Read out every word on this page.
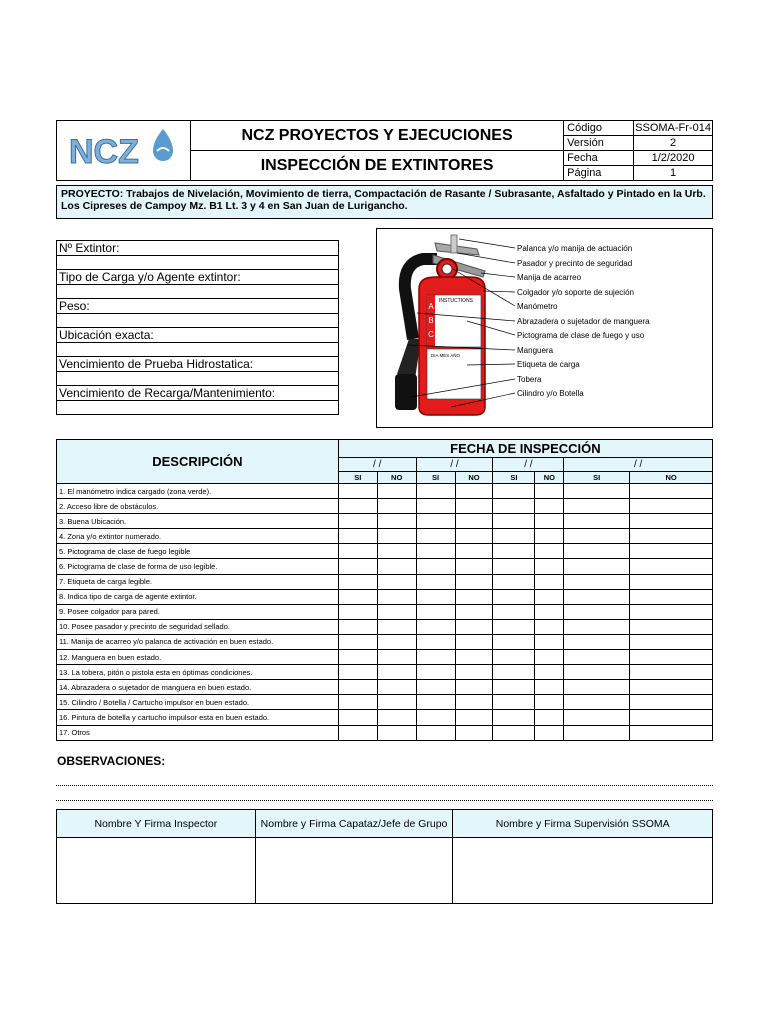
NCZ	NCZ PROYECTOS Y EJECUCIONES	Código	SSOMA-Fr-014
		Versión	2
	INSPECCIÓN DE EXTINTORES	Fecha	1/2/2020
		Página	1
PROYECTO: Trabajos de Nivelación, Movimiento de tierra, Compactación de Rasante / Subrasante, Asfaltado y Pintado en la Urb. Los Cipreses de Campoy Mz. B1 Lt. 3 y 4 en San Juan de Lurigancho.
Nº Extintor:

Tipo de Carga y/o Agente extintor:

Peso:

Ubicación exacta:

Vencimiento de Prueba Hidrostatica:

Vencimiento de Recarga/Mantenimiento:

A
B
C
INSTUCTIONS
DIA MES AÑO
Palanca y/o manija de actuación
Pasador y precinto de seguridad
Manija de acarreo
Colgador y/o soporte de sujeción
Manómetro
Abrazadera o sujetador de manguera
Pictograma de clase de fuego y uso
Manguera
Etiqueta de carga
Tobera
Cilindro y/o Botella
DESCRIPCIÓN	FECHA DE INSPECCIÓN							
	/ /		/ /		/ /		/ /	
	SI	NO	SI	NO	SI	NO	SI	NO
1. El manómetro indica cargado (zona verde).								
2. Acceso libre de obstáculos.								
3. Buena Ubicación.								
4. Zona y/o extintor numerado.								
5. Pictograma de clase de fuego legible								
6. Pictograma de clase de forma de uso legible.								
7. Etiqueta de carga legible.								
8. Indica tipo de carga de agente extintor.								
9. Posee colgador para pared.								
10. Posee pasador y precinto de seguridad sellado.								
11. Manija de acarreo y/o palanca de activación en buen estado.								
12. Manguera en buen estado.								
13. La tobera, pitón o pistola esta en óptimas condiciones.								
14. Abrazadera o sujetador de manguera en buen estado.								
15. Cilindro / Botella / Cartucho impulsor en buen estado.								
16. Pintura de botella y cartucho impulsor esta en buen estado.								
17. Otros								
OBSERVACIONES:
Nombre Y Firma Inspector	Nombre y Firma Capataz/Jefe de Grupo	Nombre y Firma Supervisión SSOMA
